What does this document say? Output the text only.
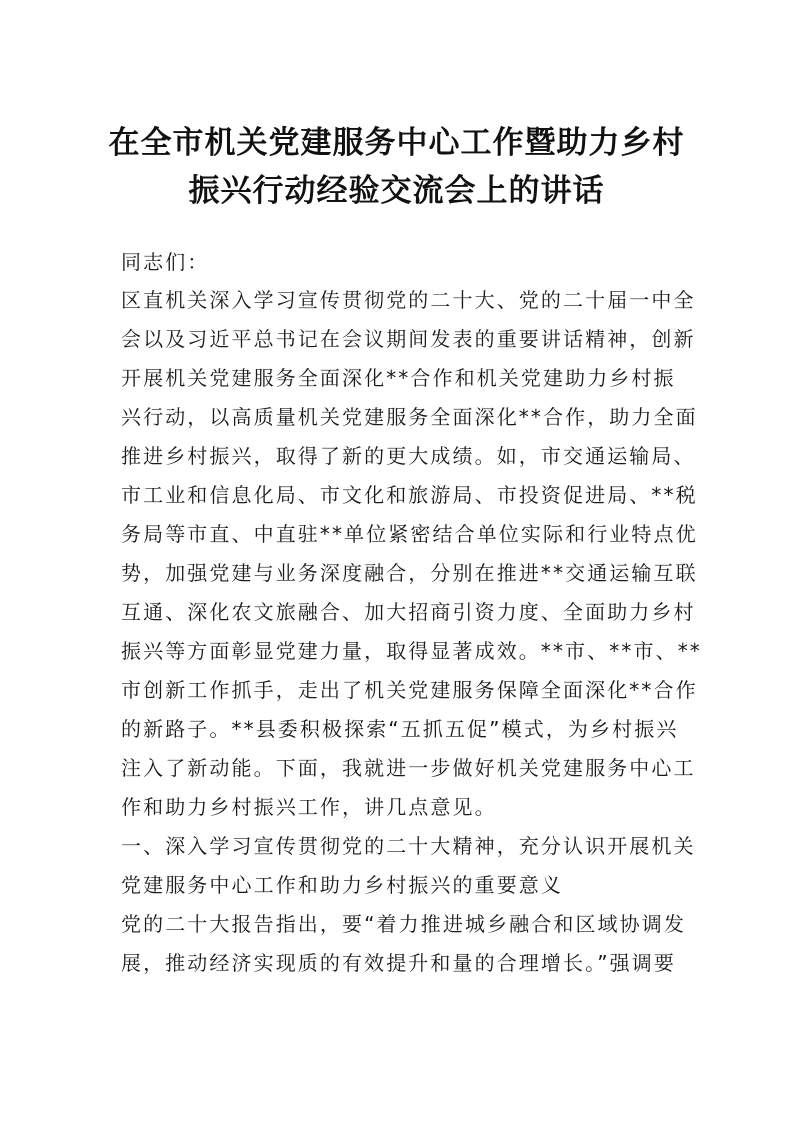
在全市机关党建服务中心工作暨助力乡村
振兴行动经验交流会上的讲话
同志们：
区直机关深入学习宣传贯彻党的二十大、党的二十届一中全
会以及习近平总书记在会议期间发表的重要讲话精神，创新
开展机关党建服务全面深化**合作和机关党建助力乡村振
兴行动，以高质量机关党建服务全面深化**合作，助力全面
推进乡村振兴，取得了新的更大成绩。如，市交通运输局、
市工业和信息化局、市文化和旅游局、市投资促进局、**税
务局等市直、中直驻**单位紧密结合单位实际和行业特点优
势，加强党建与业务深度融合，分别在推进**交通运输互联
互通、深化农文旅融合、加大招商引资力度、全面助力乡村
振兴等方面彰显党建力量，取得显著成效。**市、**市、**
市创新工作抓手，走出了机关党建服务保障全面深化**合作
的新路子。**县委积极探索“五抓五促”模式，为乡村振兴
注入了新动能。下面，我就进一步做好机关党建服务中心工
作和助力乡村振兴工作，讲几点意见。
一、深入学习宣传贯彻党的二十大精神，充分认识开展机关
党建服务中心工作和助力乡村振兴的重要意义
党的二十大报告指出，要“着力推进城乡融合和区域协调发
展，推动经济实现质的有效提升和量的合理增长。”强调要
